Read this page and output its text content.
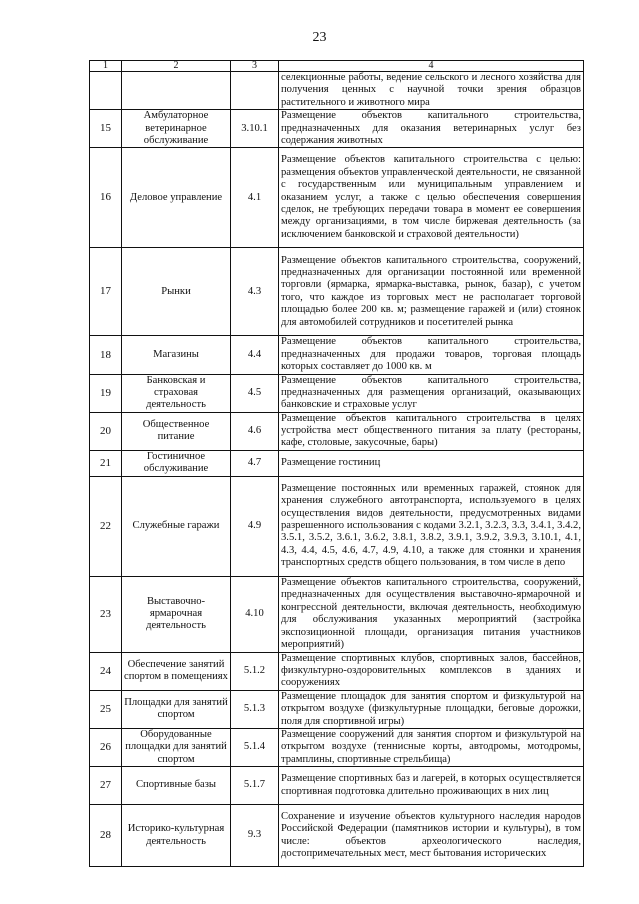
23
1	2	3	4

			селекционные работы, ведение сельского и лесного хозяйства для получения ценных с научной точки зрения образцов растительного и животного мира

15	Амбулаторное ветеринарное обслуживание	3.10.1	Размещение объектов капитального строительства, предназначенных для оказания ветеринарных услуг без содержания животных

16	Деловое управление	4.1	Размещение объектов капитального строительства с целью: размещения объектов управленческой деятельности, не связанной с государственным или муниципальным управлением и оказанием услуг, а также с целью обеспечения совершения сделок, не требующих передачи товара в момент ее совершения между организациями, в том числе биржевая деятельность (за исключением банковской и страховой деятельности)

17	Рынки	4.3	Размещение объектов капитального строительства, сооружений, предназначенных для организации постоянной или временной торговли (ярмарка, ярмарка-выставка, рынок, базар), с учетом того, что каждое из торговых мест не располагает торговой площадью более 200 кв. м; размещение гаражей и (или) стоянок для автомобилей сотрудников и посетителей рынка

18	Магазины	4.4	Размещение объектов капитального строительства, предназначенных для продажи товаров, торговая площадь которых составляет до 1000 кв. м

19	Банковская и страховая деятельность	4.5	Размещение объектов капитального строительства, предназначенных для размещения организаций, оказывающих банковские и страховые услуг

20	Общественное питание	4.6	Размещение объектов капитального строительства в целях устройства мест общественного питания за плату (рестораны, кафе, столовые, закусочные, бары)

21	Гостиничное обслуживание	4.7	Размещение гостиниц

22	Служебные гаражи	4.9	Размещение постоянных или временных гаражей, стоянок для хранения служебного автотранспорта, используемого в целях осуществления видов деятельности, предусмотренных видами разрешенного использования с кодами 3.2.1, 3.2.3, 3.3, 3.4.1, 3.4.2, 3.5.1, 3.5.2, 3.6.1, 3.6.2, 3.8.1, 3.8.2, 3.9.1, 3.9.2, 3.9.3, 3.10.1, 4.1, 4.3, 4.4, 4.5, 4.6, 4.7, 4.9, 4.10, а также для стоянки и хранения транспортных средств общего пользования, в том числе в депо

23	Выставочно-ярмарочная деятельность	4.10	Размещение объектов капитального строительства, сооружений, предназначенных для осуществления выставочно-ярмарочной и конгрессной деятельности, включая деятельность, необходимую для обслуживания указанных мероприятий (застройка экспозиционной площади, организация питания участников мероприятий)

24	Обеспечение занятий спортом в помещениях	5.1.2	Размещение спортивных клубов, спортивных залов, бассейнов, физкультурно-оздоровительных комплексов в зданиях и сооружениях

25	Площадки для занятий спортом	5.1.3	Размещение площадок для занятия спортом и физкультурой на открытом воздухе (физкультурные площадки, беговые дорожки, поля для спортивной игры)

26	Оборудованные площадки для занятий спортом	5.1.4	Размещение сооружений для занятия спортом и физкультурой на открытом воздухе (теннисные корты, автодромы, мотодромы, трамплины, спортивные стрельбища)

27	Спортивные базы	5.1.7	Размещение спортивных баз и лагерей, в которых осуществляется спортивная подготовка длительно проживающих в них лиц

28	Историко-культурная деятельность	9.3	Сохранение и изучение объектов культурного наследия народов Российской Федерации (памятников истории и культуры), в том числе: объектов археологического наследия, достопримечательных мест, мест бытования исторических
